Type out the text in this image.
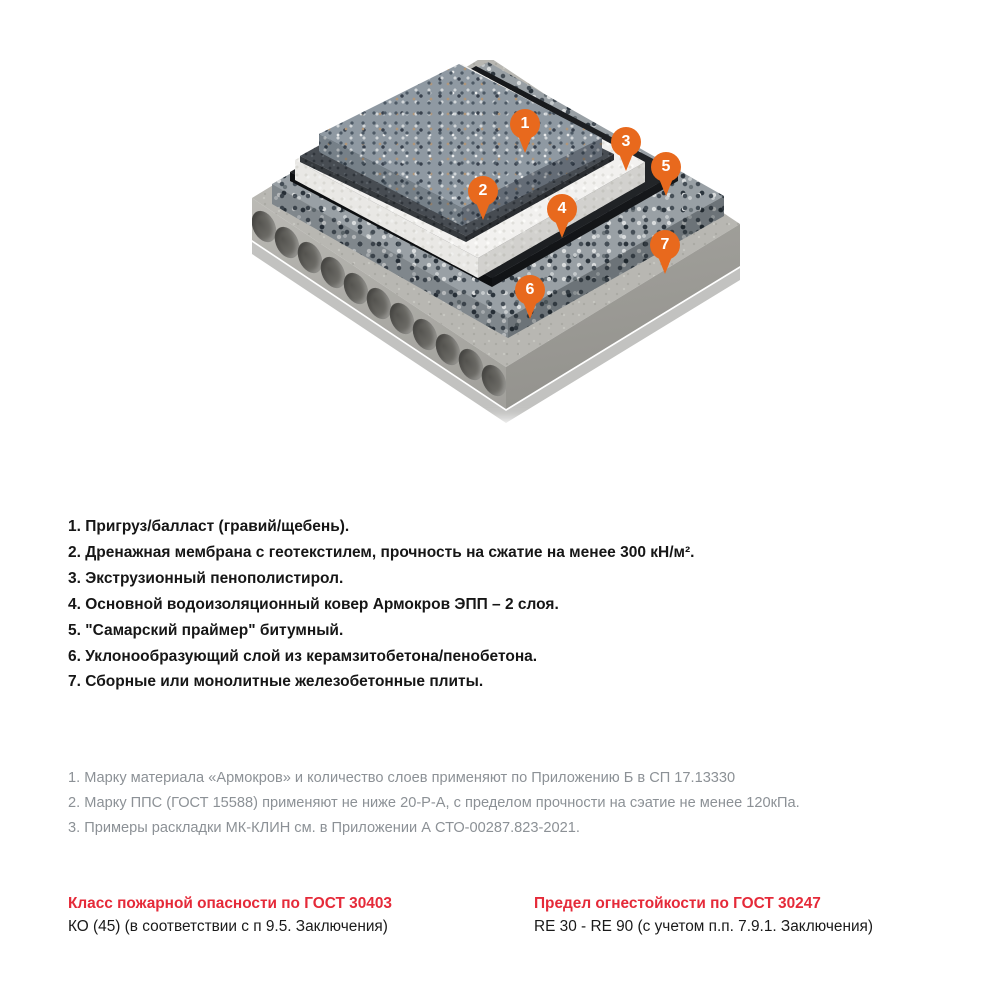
1
2
3
4
5
6
7
1. Пригруз/балласт (гравий/щебень).
2. Дренажная мембрана с геотекстилем, прочность на сжатие на менее 300 кН/м².
3. Экструзионный пенополистирол.
4. Основной водоизоляционный ковер Армокров ЭПП – 2 слоя.
5. "Самарский праймер" битумный.
6. Уклонообразующий слой из керамзитобетона/пенобетона.
7. Сборные или монолитные железобетонные плиты.
1. Марку материала «Армокров» и количество слоев применяют по Приложению Б в СП 17.13330
2. Марку ППС (ГОСТ 15588) применяют не ниже 20-Р-А, с пределом прочности на сэатие не менее 120кПа.
3. Примеры раскладки МК-КЛИН см. в Приложении А СТО-00287.823-2021.
Класс пожарной опасности по ГОСТ 30403
КО (45) (в соответствии с п 9.5. Заключения)
Предел огнестойкости по ГОСТ 30247
RE 30 - RE 90 (с учетом п.п. 7.9.1. Заключения)
